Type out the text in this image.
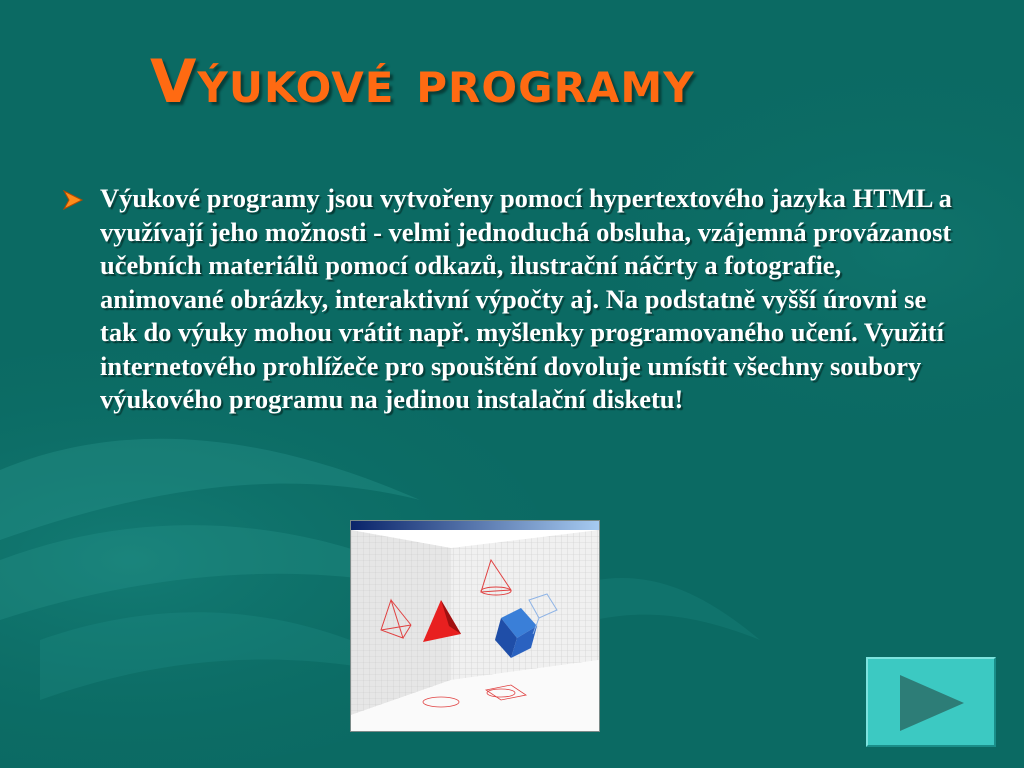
Výukové programy

Výukové programy jsou vytvořeny pomocí hypertextového jazyka HTML a využívají jeho možnosti - velmi jednoduchá obsluha, vzájemná provázanost učebních materiálů pomocí odkazů, ilustrační náčrty a fotografie, animované obrázky, interaktivní výpočty aj. Na podstatně vyšší úrovni se tak do výuky mohou vrátit např. myšlenky programovaného učení. Využití internetového prohlížeče pro spouštění dovoluje umístit všechny soubory výukového programu na jedinou instalační disketu!
